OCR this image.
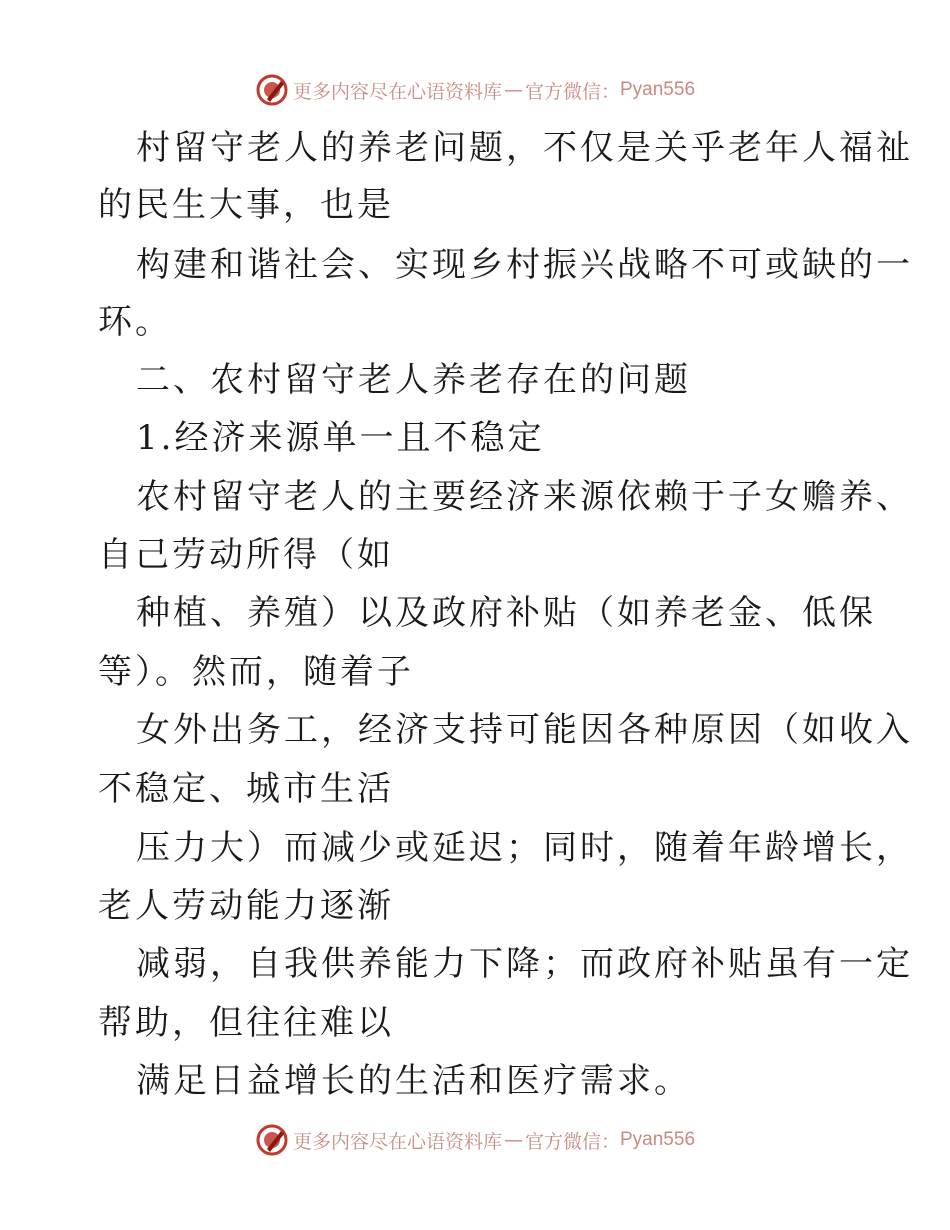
更多内容尽在心语资料库 — 官方微信： Pyan556
村留守老人的养老问题，不仅是关乎老年人福祉
的民生大事，也是
构建和谐社会、实现乡村振兴战略不可或缺的一
环。
二、农村留守老人养老存在的问题
1.经济来源单一且不稳定
农村留守老人的主要经济来源依赖于子女赡养、
自己劳动所得（如
种植、养殖）以及政府补贴（如养老金、低保
等）。然而，随着子
女外出务工，经济支持可能因各种原因（如收入
不稳定、城市生活
压力大）而减少或延迟；同时，随着年龄增长，
老人劳动能力逐渐
减弱，自我供养能力下降；而政府补贴虽有一定
帮助，但往往难以
满足日益增长的生活和医疗需求。
更多内容尽在心语资料库 — 官方微信： Pyan556
